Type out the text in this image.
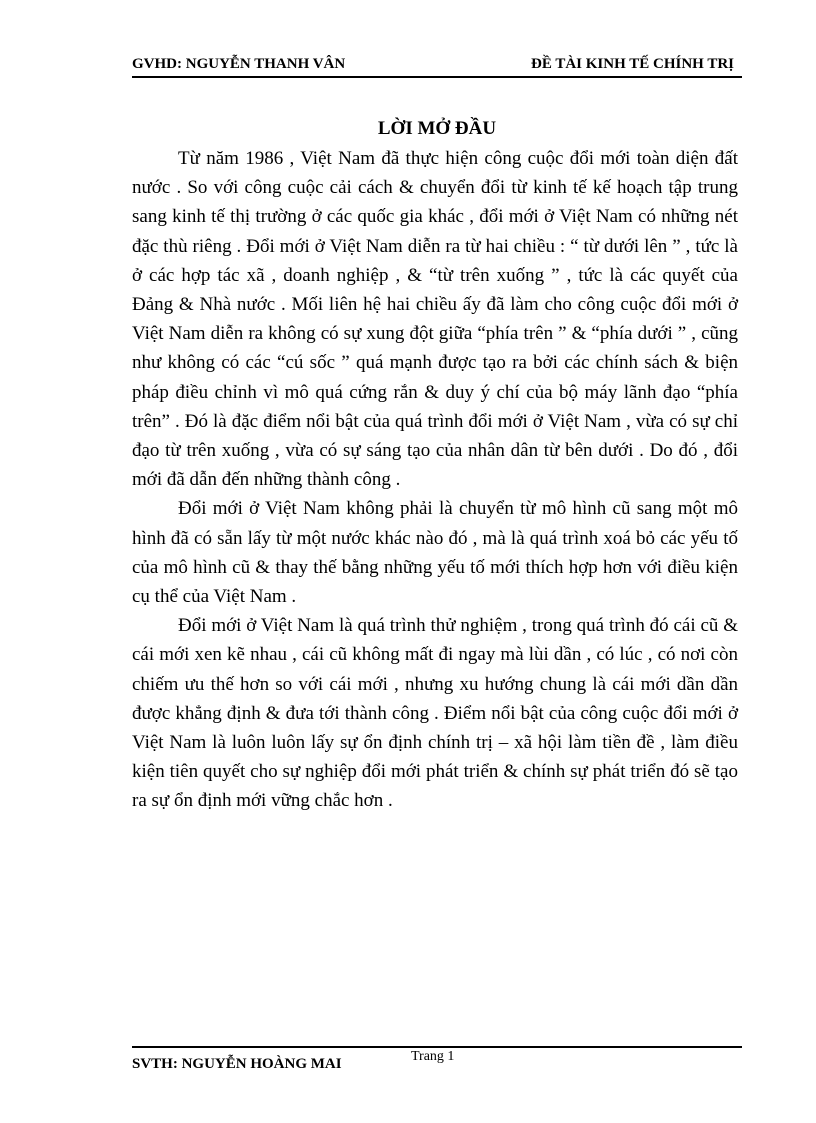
GVHD: NGUYỄN THANH VÂN	ĐỀ TÀI KINH TẾ CHÍNH TRỊ
LỜI MỞ ĐẦU

Từ năm 1986 , Việt Nam đã thực hiện công cuộc đổi mới toàn diện đất nước . So với công cuộc cải cách & chuyển đổi từ kinh tế kế hoạch tập trung sang kinh tế thị trường ở các quốc gia khác , đổi mới ở Việt Nam có những nét đặc thù riêng . Đổi mới ở Việt Nam diễn ra từ hai chiều : “ từ dưới lên ” , tức là ở các hợp tác xã , doanh nghiệp , & “từ trên xuống ” , tức là các quyết của Đảng & Nhà nước . Mối liên hệ hai chiều ấy đã làm cho công cuộc đổi mới ở Việt Nam diễn ra không có sự xung đột giữa “phía trên ” & “phía dưới ” , cũng như không có các “cú sốc ” quá mạnh được tạo ra bởi các chính sách & biện pháp điều chỉnh vì mô quá cứng rắn & duy ý chí của bộ máy lãnh đạo “phía trên” . Đó là đặc điểm nổi bật của quá trình đổi mới ở Việt Nam , vừa có sự chỉ đạo từ trên xuống , vừa có sự sáng tạo của nhân dân từ bên dưới . Do đó , đổi mới đã dẫn đến những thành công .

Đổi mới ở Việt Nam không phải là chuyển từ mô hình cũ sang một mô hình đã có sẵn lấy từ một nước khác nào đó , mà là quá trình xoá bỏ các yếu tố của mô hình cũ & thay thế bằng những yếu tố mới thích hợp hơn với điều kiện cụ thể của Việt Nam .

Đổi mới ở Việt Nam là quá trình thử nghiệm , trong quá trình đó cái cũ & cái mới xen kẽ nhau , cái cũ không mất đi ngay mà lùi dần , có lúc , có nơi còn chiếm ưu thế hơn so với cái mới , nhưng xu hướng chung là cái mới dần dần được khẳng định & đưa tới thành công . Điểm nổi bật của công cuộc đổi mới ở Việt Nam là luôn luôn lấy sự ổn định chính trị – xã hội làm tiền đề , làm điều kiện tiên quyết cho sự nghiệp đổi mới phát triển & chính sự phát triển đó sẽ tạo ra sự ổn định mới vững chắc hơn .

SVTH: NGUYỄN HOÀNG MAI	Trang 1
